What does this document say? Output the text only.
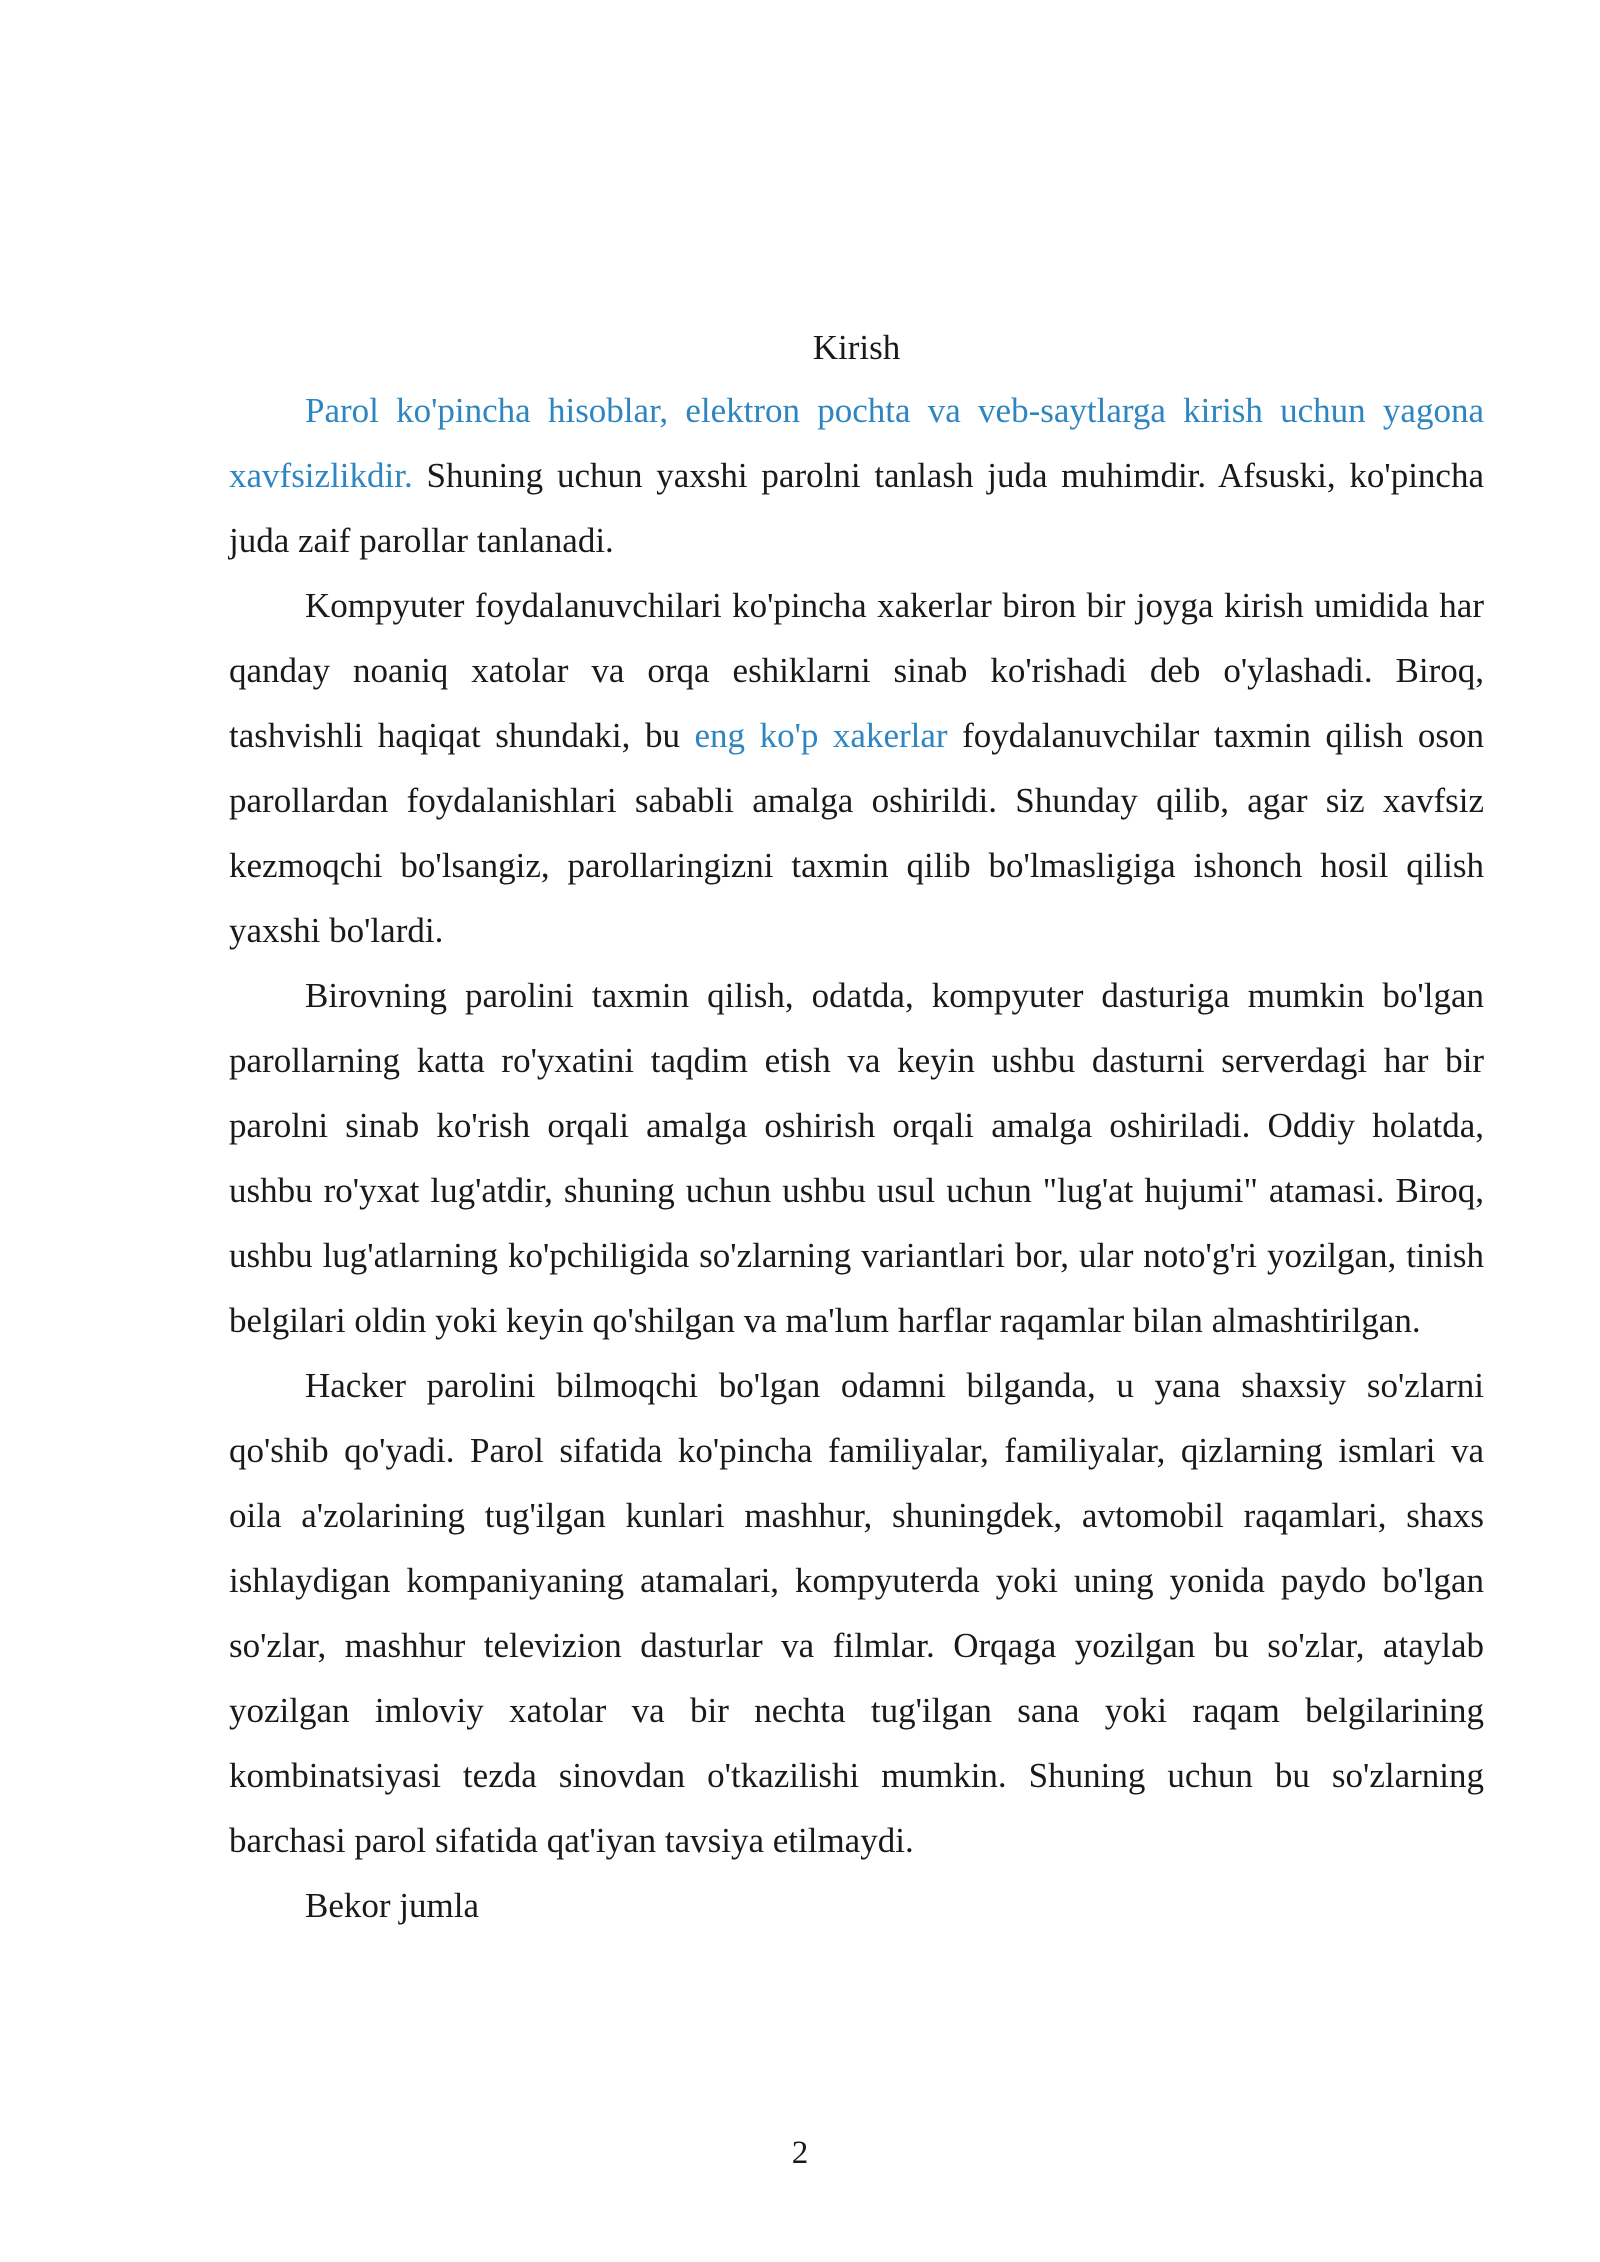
Kirish

Parol ko'pincha hisoblar, elektron pochta va veb-saytlarga kirish uchun yagona xavfsizlikdir. Shuning uchun yaxshi parolni tanlash juda muhimdir. Afsuski, ko'pincha juda zaif parollar tanlanadi.

Kompyuter foydalanuvchilari ko'pincha xakerlar biron bir joyga kirish umidida har qanday noaniq xatolar va orqa eshiklarni sinab ko'rishadi deb o'ylashadi. Biroq, tashvishli haqiqat shundaki, bu eng ko'p xakerlar foydalanuvchilar taxmin qilish oson parollardan foydalanishlari sababli amalga oshirildi. Shunday qilib, agar siz xavfsiz kezmoqchi bo'lsangiz, parollaringizni taxmin qilib bo'lmasligiga ishonch hosil qilish yaxshi bo'lardi.

Birovning parolini taxmin qilish, odatda, kompyuter dasturiga mumkin bo'lgan parollarning katta ro'yxatini taqdim etish va keyin ushbu dasturni serverdagi har bir parolni sinab ko'rish orqali amalga oshirish orqali amalga oshiriladi. Oddiy holatda, ushbu ro'yxat lug'atdir, shuning uchun ushbu usul uchun "lug'at hujumi" atamasi. Biroq, ushbu lug'atlarning ko'pchiligida so'zlarning variantlari bor, ular noto'g'ri yozilgan, tinish belgilari oldin yoki keyin qo'shilgan va ma'lum harflar raqamlar bilan almashtirilgan.

Hacker parolini bilmoqchi bo'lgan odamni bilganda, u yana shaxsiy so'zlarni qo'shib qo'yadi. Parol sifatida ko'pincha familiyalar, familiyalar, qizlarning ismlari va oila a'zolarining tug'ilgan kunlari mashhur, shuningdek, avtomobil raqamlari, shaxs ishlaydigan kompaniyaning atamalari, kompyuterda yoki uning yonida paydo bo'lgan so'zlar, mashhur televizion dasturlar va filmlar. Orqaga yozilgan bu so'zlar, ataylab yozilgan imloviy xatolar va bir nechta tug'ilgan sana yoki raqam belgilarining kombinatsiyasi tezda sinovdan o'tkazilishi mumkin. Shuning uchun bu so'zlarning barchasi parol sifatida qat'iyan tavsiya etilmaydi.

Bekor jumla

2
